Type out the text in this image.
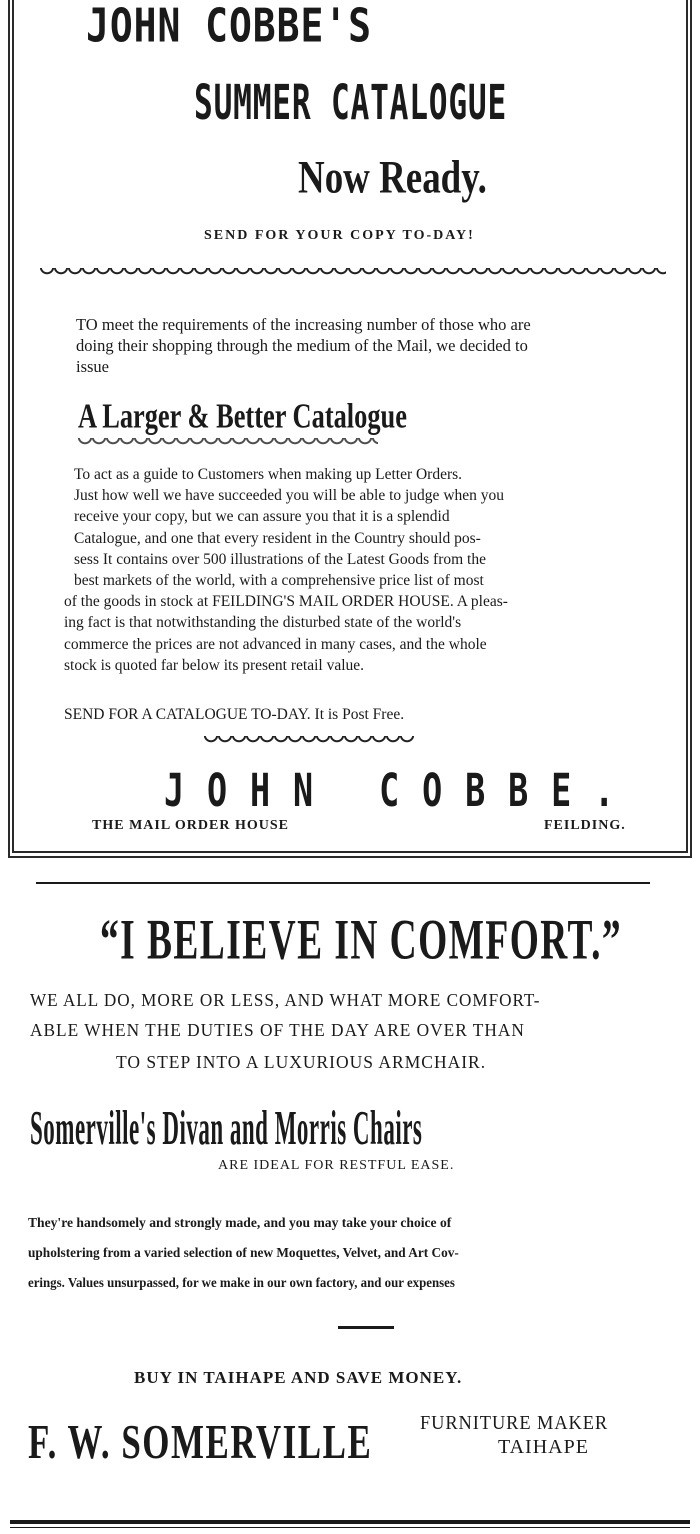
JOHN COBBE'S
SUMMER CATALOGUE
Now Ready.
SEND FOR YOUR COPY TO-DAY!
TO meet the requirements of the increasing number of those who are
doing their shopping through the medium of the Mail, we decided to
issue
A Larger & Better Catalogue
To act as a guide to Customers when making up Letter Orders.
Just how well we have succeeded you will be able to judge when you
receive your copy, but we can assure you that it is a splendid
Catalogue, and one that every resident in the Country should pos-
sess It contains over 500 illustrations of the Latest Goods from the
best markets of the world, with a comprehensive price list of most
of the goods in stock at FEILDING'S MAIL ORDER HOUSE. A pleas-
ing fact is that notwithstanding the disturbed state of the world's
commerce the prices are not advanced in many cases, and the whole
stock is quoted far below its present retail value.
SEND FOR A CATALOGUE TO-DAY. It is Post Free.
JOHN COBBE.
THE MAIL ORDER HOUSE	FEILDING.
“I BELIEVE IN COMFORT.”
WE ALL DO, MORE OR LESS, AND WHAT MORE COMFORT-
ABLE WHEN THE DUTIES OF THE DAY ARE OVER THAN
TO STEP INTO A LUXURIOUS ARMCHAIR.
Somerville's Divan and Morris Chairs
ARE IDEAL FOR RESTFUL EASE.
They're handsomely and strongly made, and you may take your choice of
upholstering from a varied selection of new Moquettes, Velvet, and Art Cov-
erings. Values unsurpassed, for we make in our own factory, and our expenses
BUY IN TAIHAPE AND SAVE MONEY.
F. W. SOMERVILLE FURNITURE MAKER
TAIHAPE
